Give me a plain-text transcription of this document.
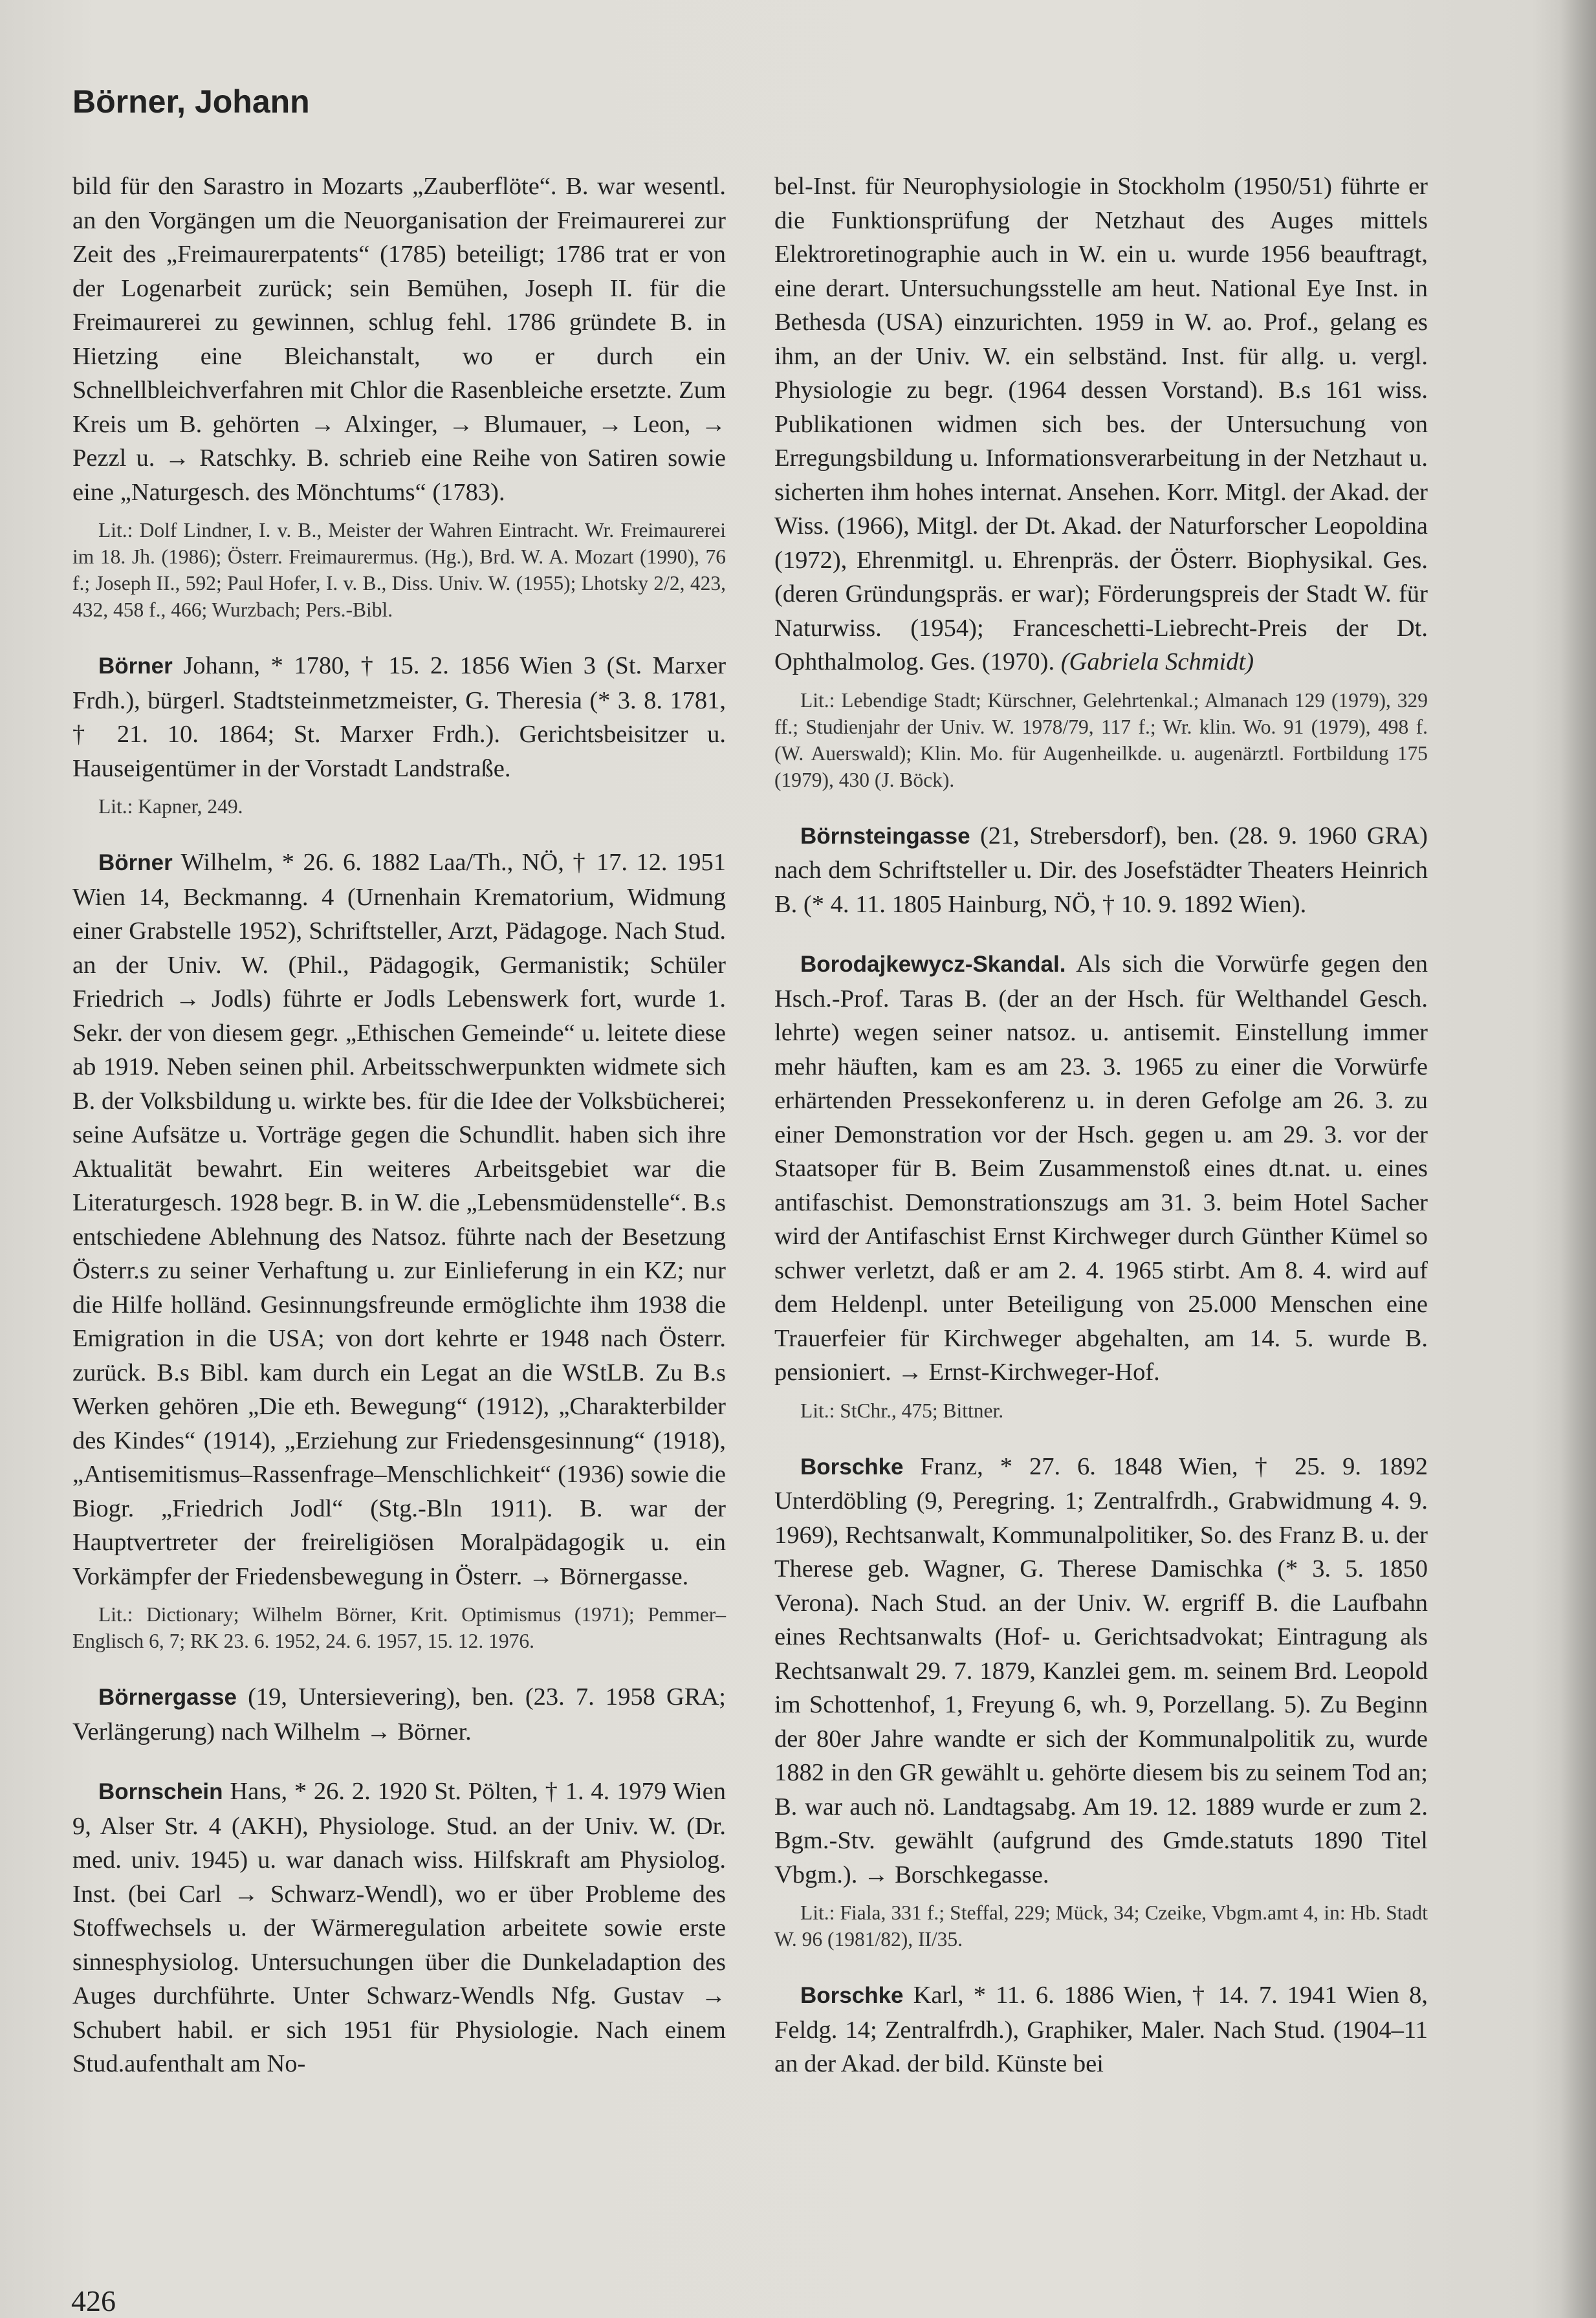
Börner, Johann

bild für den Sarastro in Mozarts „Zauberflöte“. B. war wesentl. an den Vorgängen um die Neuorganisation der Freimaurerei zur Zeit des „Freimaurerpatents“ (1785) beteiligt; 1786 trat er von der Logenarbeit zurück; sein Bemühen, Joseph II. für die Freimaurerei zu gewinnen, schlug fehl. 1786 gründete B. in Hietzing eine Bleichanstalt, wo er durch ein Schnellbleichverfahren mit Chlor die Rasenbleiche ersetzte. Zum Kreis um B. gehörten → Alxinger, → Blumauer, → Leon, → Pezzl u. → Ratschky. B. schrieb eine Reihe von Satiren sowie eine „Naturgesch. des Mönchtums“ (1783).

Lit.: Dolf Lindner, I. v. B., Meister der Wahren Eintracht. Wr. Freimaurerei im 18. Jh. (1986); Österr. Freimaurermus. (Hg.), Brd. W. A. Mozart (1990), 76 f.; Joseph II., 592; Paul Hofer, I. v. B., Diss. Univ. W. (1955); Lhotsky 2/2, 423, 432, 458 f., 466; Wurzbach; Pers.-Bibl.

Börner Johann, * 1780, † 15. 2. 1856 Wien 3 (St. Marxer Frdh.), bürgerl. Stadtsteinmetzmeister, G. Theresia (* 3. 8. 1781, † 21. 10. 1864; St. Marxer Frdh.). Gerichtsbeisitzer u. Hauseigentümer in der Vorstadt Landstraße.

Lit.: Kapner, 249.

Börner Wilhelm, * 26. 6. 1882 Laa/Th., NÖ, † 17. 12. 1951 Wien 14, Beckmanng. 4 (Urnenhain Krematorium, Widmung einer Grabstelle 1952), Schriftsteller, Arzt, Pädagoge. Nach Stud. an der Univ. W. (Phil., Pädagogik, Germanistik; Schüler Friedrich → Jodls) führte er Jodls Lebenswerk fort, wurde 1. Sekr. der von diesem gegr. „Ethischen Gemeinde“ u. leitete diese ab 1919. Neben seinen phil. Arbeitsschwerpunkten widmete sich B. der Volksbildung u. wirkte bes. für die Idee der Volksbücherei; seine Aufsätze u. Vorträge gegen die Schundlit. haben sich ihre Aktualität bewahrt. Ein weiteres Arbeitsgebiet war die Literaturgesch. 1928 begr. B. in W. die „Lebensmüdenstelle“. B.s entschiedene Ablehnung des Natsoz. führte nach der Besetzung Österr.s zu seiner Verhaftung u. zur Einlieferung in ein KZ; nur die Hilfe holländ. Gesinnungsfreunde ermöglichte ihm 1938 die Emigration in die USA; von dort kehrte er 1948 nach Österr. zurück. B.s Bibl. kam durch ein Legat an die WStLB. Zu B.s Werken gehören „Die eth. Bewegung“ (1912), „Charakterbilder des Kindes“ (1914), „Erziehung zur Friedensgesinnung“ (1918), „Antisemitismus–Rassenfrage–Menschlichkeit“ (1936) sowie die Biogr. „Friedrich Jodl“ (Stg.-Bln 1911). B. war der Hauptvertreter der freireligiösen Moralpädagogik u. ein Vorkämpfer der Friedensbewegung in Österr. → Börnergasse.

Lit.: Dictionary; Wilhelm Börner, Krit. Optimismus (1971); Pemmer–Englisch 6, 7; RK 23. 6. 1952, 24. 6. 1957, 15. 12. 1976.

Börnergasse (19, Untersievering), ben. (23. 7. 1958 GRA; Verlängerung) nach Wilhelm → Börner.

Bornschein Hans, * 26. 2. 1920 St. Pölten, † 1. 4. 1979 Wien 9, Alser Str. 4 (AKH), Physiologe. Stud. an der Univ. W. (Dr. med. univ. 1945) u. war danach wiss. Hilfskraft am Physiolog. Inst. (bei Carl → Schwarz-Wendl), wo er über Probleme des Stoffwechsels u. der Wärmeregulation arbeitete sowie erste sinnesphysiolog. Untersuchungen über die Dunkeladaption des Auges durchführte. Unter Schwarz-Wendls Nfg. Gustav → Schubert habil. er sich 1951 für Physiologie. Nach einem Stud.aufenthalt am No-

bel-Inst. für Neurophysiologie in Stockholm (1950/51) führte er die Funktionsprüfung der Netzhaut des Auges mittels Elektroretinographie auch in W. ein u. wurde 1956 beauftragt, eine derart. Untersuchungsstelle am heut. National Eye Inst. in Bethesda (USA) einzurichten. 1959 in W. ao. Prof., gelang es ihm, an der Univ. W. ein selbständ. Inst. für allg. u. vergl. Physiologie zu begr. (1964 dessen Vorstand). B.s 161 wiss. Publikationen widmen sich bes. der Untersuchung von Erregungsbildung u. Informationsverarbeitung in der Netzhaut u. sicherten ihm hohes internat. Ansehen. Korr. Mitgl. der Akad. der Wiss. (1966), Mitgl. der Dt. Akad. der Naturforscher Leopoldina (1972), Ehrenmitgl. u. Ehrenpräs. der Österr. Biophysikal. Ges. (deren Gründungspräs. er war); Förderungspreis der Stadt W. für Naturwiss. (1954); Franceschetti-Liebrecht-Preis der Dt. Ophthalmolog. Ges. (1970). (Gabriela Schmidt)

Lit.: Lebendige Stadt; Kürschner, Gelehrtenkal.; Almanach 129 (1979), 329 ff.; Studienjahr der Univ. W. 1978/79, 117 f.; Wr. klin. Wo. 91 (1979), 498 f. (W. Auerswald); Klin. Mo. für Augenheilkde. u. augenärztl. Fortbildung 175 (1979), 430 (J. Böck).

Börnsteingasse (21, Strebersdorf), ben. (28. 9. 1960 GRA) nach dem Schriftsteller u. Dir. des Josefstädter Theaters Heinrich B. (* 4. 11. 1805 Hainburg, NÖ, † 10. 9. 1892 Wien).

Borodajkewycz-Skandal. Als sich die Vorwürfe gegen den Hsch.-Prof. Taras B. (der an der Hsch. für Welthandel Gesch. lehrte) wegen seiner natsoz. u. antisemit. Einstellung immer mehr häuften, kam es am 23. 3. 1965 zu einer die Vorwürfe erhärtenden Pressekonferenz u. in deren Gefolge am 26. 3. zu einer Demonstration vor der Hsch. gegen u. am 29. 3. vor der Staatsoper für B. Beim Zusammenstoß eines dt.nat. u. eines antifaschist. Demonstrationszugs am 31. 3. beim Hotel Sacher wird der Antifaschist Ernst Kirchweger durch Günther Kümel so schwer verletzt, daß er am 2. 4. 1965 stirbt. Am 8. 4. wird auf dem Heldenpl. unter Beteiligung von 25.000 Menschen eine Trauerfeier für Kirchweger abgehalten, am 14. 5. wurde B. pensioniert. → Ernst-Kirchweger-Hof.

Lit.: StChr., 475; Bittner.

Borschke Franz, * 27. 6. 1848 Wien, † 25. 9. 1892 Unterdöbling (9, Peregring. 1; Zentralfrdh., Grabwidmung 4. 9. 1969), Rechtsanwalt, Kommunalpolitiker, So. des Franz B. u. der Therese geb. Wagner, G. Therese Damischka (* 3. 5. 1850 Verona). Nach Stud. an der Univ. W. ergriff B. die Laufbahn eines Rechtsanwalts (Hof- u. Gerichtsadvokat; Eintragung als Rechtsanwalt 29. 7. 1879, Kanzlei gem. m. seinem Brd. Leopold im Schottenhof, 1, Freyung 6, wh. 9, Porzellang. 5). Zu Beginn der 80er Jahre wandte er sich der Kommunalpolitik zu, wurde 1882 in den GR gewählt u. gehörte diesem bis zu seinem Tod an; B. war auch nö. Landtagsabg. Am 19. 12. 1889 wurde er zum 2. Bgm.-Stv. gewählt (aufgrund des Gmde.statuts 1890 Titel Vbgm.). → Borschkegasse.

Lit.: Fiala, 331 f.; Steffal, 229; Mück, 34; Czeike, Vbgm.amt 4, in: Hb. Stadt W. 96 (1981/82), II/35.

Borschke Karl, * 11. 6. 1886 Wien, † 14. 7. 1941 Wien 8, Feldg. 14; Zentralfrdh.), Graphiker, Maler. Nach Stud. (1904–11 an der Akad. der bild. Künste bei

426
